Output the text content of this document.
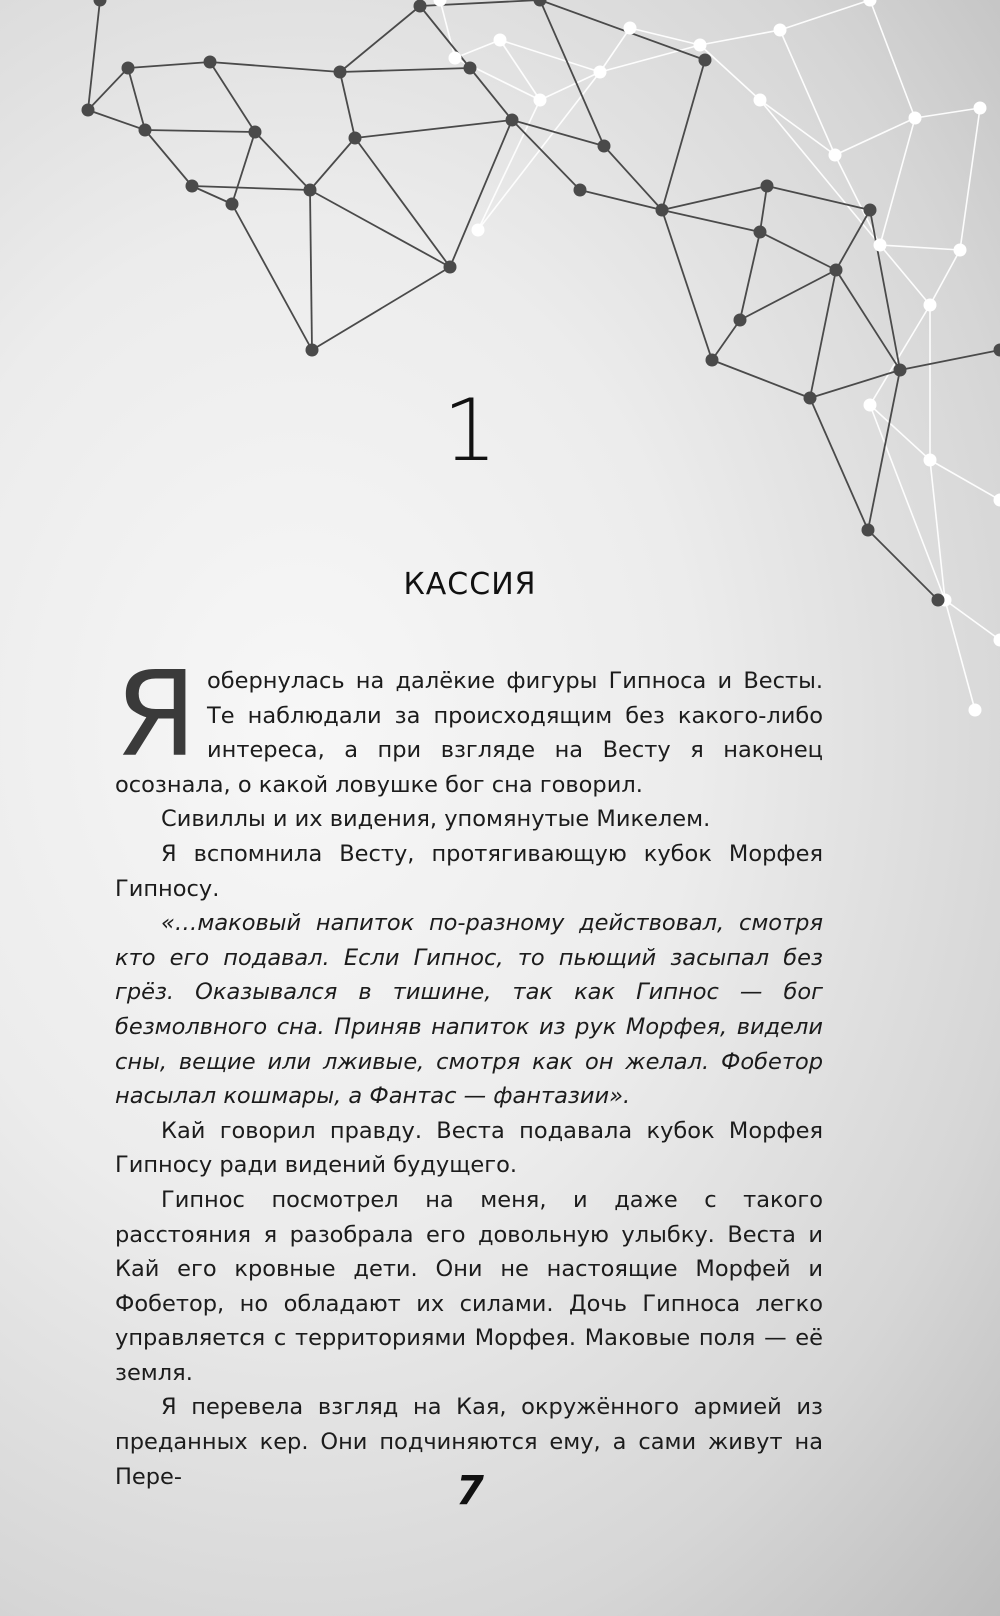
1
КАССИЯ

Яобернулась на далёкие фигуры Гипноса и Весты. Те наблюдали за происходящим без какого-либо интереса, а при взгляде на Весту я наконец осознала, о какой ловушке бог сна говорил.

Сивиллы и их видения, упомянутые Микелем.

Я вспомнила Весту, протягивающую кубок Морфея Гипносу.

«…маковый напиток по-разному действовал, смотря кто его подавал. Если Гипнос, то пьющий засыпал без грёз. Оказывался в тишине, так как Гипнос — бог безмолвного сна. Приняв напиток из рук Морфея, видели сны, вещие или лживые, смотря как он желал. Фобетор насылал кошмары, а Фантас — фантазии».

Кай говорил правду. Веста подавала кубок Морфея Гипносу ради видений будущего.

Гипнос посмотрел на меня, и даже с такого расстояния я разобрала его довольную улыбку. Веста и Кай его кровные дети. Они не настоящие Морфей и Фобетор, но обладают их силами. Дочь Гипноса легко управляется с территориями Морфея. Маковые поля — её земля.

Я перевела взгляд на Кая, окружённого армией из преданных кер. Они подчиняются ему, а сами живут на Пере-	7
